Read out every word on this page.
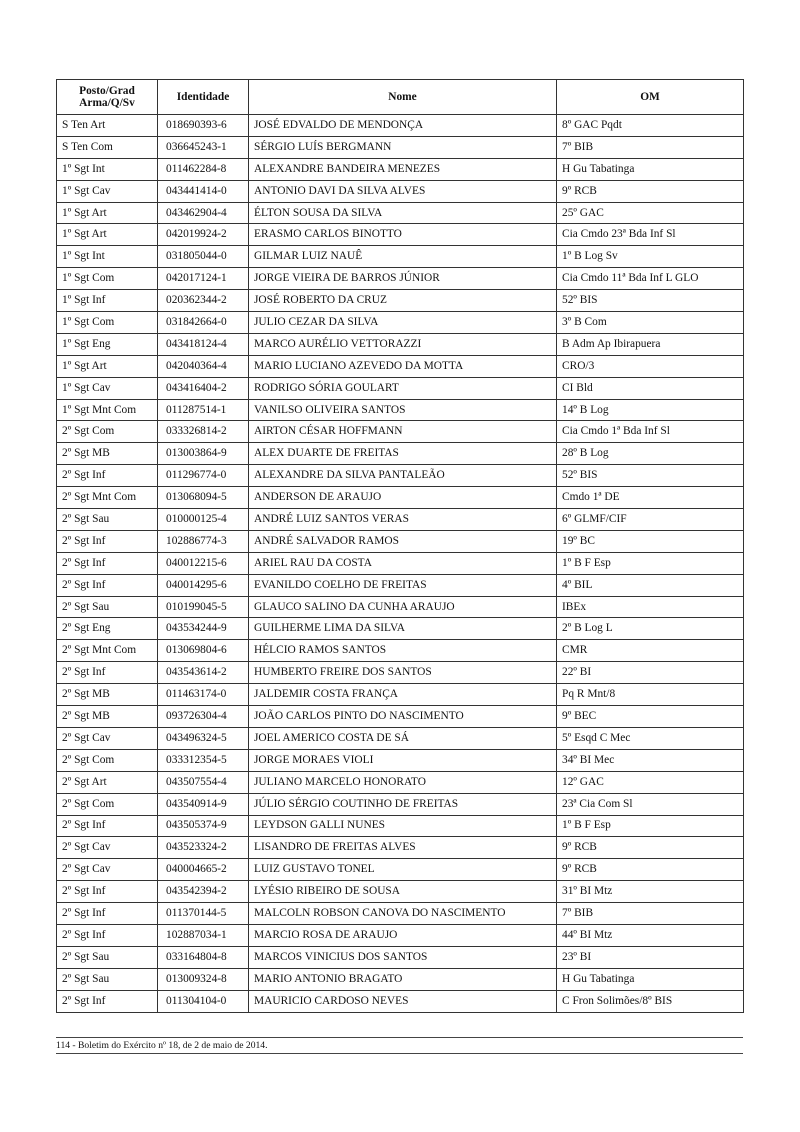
Posto/Grad
Arma/Q/Sv	Identidade	Nome	OM
S Ten Art	018690393-6	JOSÉ EDVALDO DE MENDONÇA	8º GAC Pqdt
S Ten Com	036645243-1	SÉRGIO LUÍS BERGMANN	7º BIB
1º Sgt Int	011462284-8	ALEXANDRE BANDEIRA MENEZES	H Gu Tabatinga
1º Sgt Cav	043441414-0	ANTONIO DAVI DA SILVA ALVES	9º RCB
1º Sgt Art	043462904-4	ÉLTON SOUSA DA SILVA	25º GAC
1º Sgt Art	042019924-2	ERASMO CARLOS BINOTTO	Cia Cmdo 23ª Bda Inf Sl
1º Sgt Int	031805044-0	GILMAR LUIZ NAUÊ	1º B Log Sv
1º Sgt Com	042017124-1	JORGE VIEIRA DE BARROS JÚNIOR	Cia Cmdo 11ª Bda Inf L GLO
1º Sgt Inf	020362344-2	JOSÉ ROBERTO DA CRUZ	52º BIS
1º Sgt Com	031842664-0	JULIO CEZAR DA SILVA	3º B Com
1º Sgt Eng	043418124-4	MARCO AURÉLIO VETTORAZZI	B Adm Ap Ibirapuera
1º Sgt Art	042040364-4	MARIO LUCIANO AZEVEDO DA MOTTA	CRO/3
1º Sgt Cav	043416404-2	RODRIGO SÓRIA GOULART	CI Bld
1º Sgt Mnt Com	011287514-1	VANILSO OLIVEIRA SANTOS	14º B Log
2º Sgt Com	033326814-2	AIRTON CÉSAR HOFFMANN	Cia Cmdo 1ª Bda Inf Sl
2º Sgt MB	013003864-9	ALEX DUARTE DE FREITAS	28º B Log
2º Sgt Inf	011296774-0	ALEXANDRE DA SILVA PANTALEÃO	52º BIS
2º Sgt Mnt Com	013068094-5	ANDERSON DE ARAUJO	Cmdo 1ª DE
2º Sgt Sau	010000125-4	ANDRÉ LUIZ SANTOS VERAS	6º GLMF/CIF
2º Sgt Inf	102886774-3	ANDRÉ SALVADOR RAMOS	19º BC
2º Sgt Inf	040012215-6	ARIEL RAU DA COSTA	1º B F Esp
2º Sgt Inf	040014295-6	EVANILDO COELHO DE FREITAS	4º BIL
2º Sgt Sau	010199045-5	GLAUCO SALINO DA CUNHA ARAUJO	IBEx
2º Sgt Eng	043534244-9	GUILHERME LIMA DA SILVA	2º B Log L
2º Sgt Mnt Com	013069804-6	HÉLCIO RAMOS SANTOS	CMR
2º Sgt Inf	043543614-2	HUMBERTO FREIRE DOS SANTOS	22º BI
2º Sgt MB	011463174-0	JALDEMIR COSTA FRANÇA	Pq R Mnt/8
2º Sgt MB	093726304-4	JOÃO CARLOS PINTO DO NASCIMENTO	9º BEC
2º Sgt Cav	043496324-5	JOEL AMERICO COSTA DE SÁ	5º Esqd C Mec
2º Sgt Com	033312354-5	JORGE MORAES VIOLI	34º BI Mec
2º Sgt Art	043507554-4	JULIANO MARCELO HONORATO	12º GAC
2º Sgt Com	043540914-9	JÚLIO SÉRGIO COUTINHO DE FREITAS	23ª Cia Com Sl
2º Sgt Inf	043505374-9	LEYDSON GALLI NUNES	1º B F Esp
2º Sgt Cav	043523324-2	LISANDRO DE FREITAS ALVES	9º RCB
2º Sgt Cav	040004665-2	LUIZ GUSTAVO TONEL	9º RCB
2º Sgt Inf	043542394-2	LYÉSIO RIBEIRO DE SOUSA	31º BI Mtz
2º Sgt Inf	011370144-5	MALCOLN ROBSON CANOVA DO NASCIMENTO	7º BIB
2º Sgt Inf	102887034-1	MARCIO ROSA DE ARAUJO	44º BI Mtz
2º Sgt Sau	033164804-8	MARCOS VINICIUS DOS SANTOS	23º BI
2º Sgt Sau	013009324-8	MARIO ANTONIO BRAGATO	H Gu Tabatinga
2º Sgt Inf	011304104-0	MAURICIO CARDOSO NEVES	C Fron Solimões/8º BIS
114 - Boletim do Exército nº 18, de 2 de maio de 2014.
